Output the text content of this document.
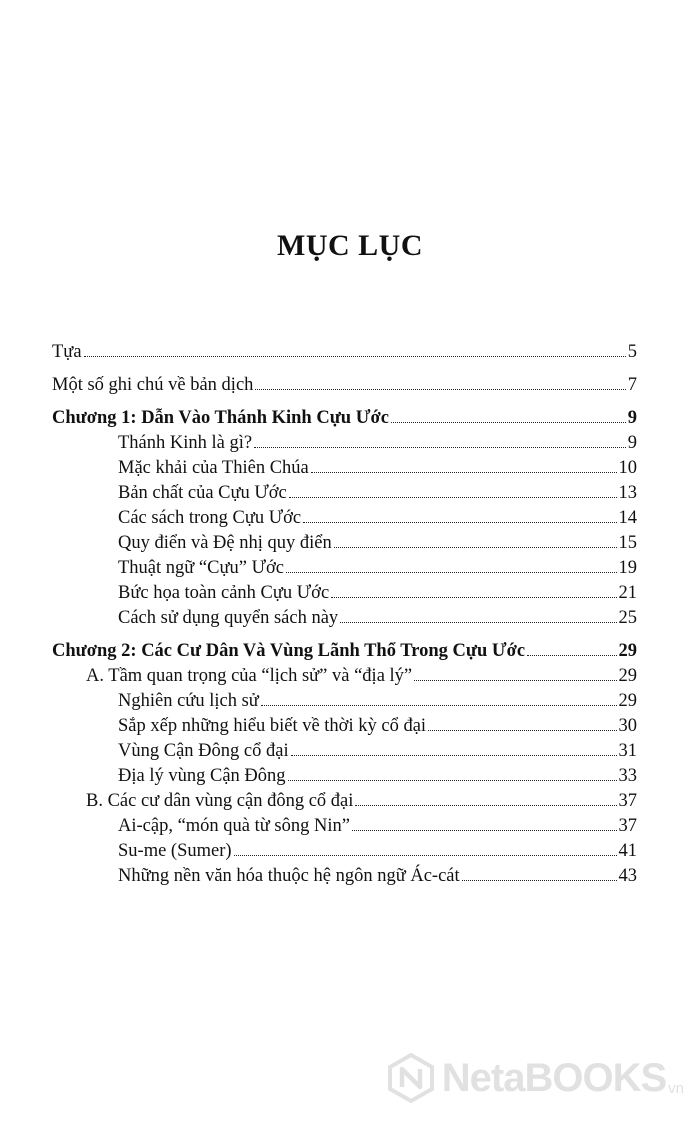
MỤC LỤC
Tựa	5
Một số ghi chú về bản dịch	7
Chương 1: Dẫn Vào Thánh Kinh Cựu Ước	9
Thánh Kinh là gì?	9
Mặc khải của Thiên Chúa	10
Bản chất của Cựu Ước	13
Các sách trong Cựu Ước	14
Quy điển và Đệ nhị quy điển	15
Thuật ngữ “Cựu” Ước	19
Bức họa toàn cảnh Cựu Ước	21
Cách sử dụng quyển sách này	25
Chương 2: Các Cư Dân Và Vùng Lãnh Thổ Trong Cựu Ước	29
A. Tầm quan trọng của “lịch sử” và “địa lý”	29
Nghiên cứu lịch sử	29
Sắp xếp những hiểu biết về thời kỳ cổ đại	30
Vùng Cận Đông cổ đại	31
Địa lý vùng Cận Đông	33
B. Các cư dân vùng cận đông cổ đại	37
Ai-cập, “món quà từ sông Nin”	37
Su-me (Sumer)	41
Những nền văn hóa thuộc hệ ngôn ngữ Ác-cát	43
NetaBOOKS vn
